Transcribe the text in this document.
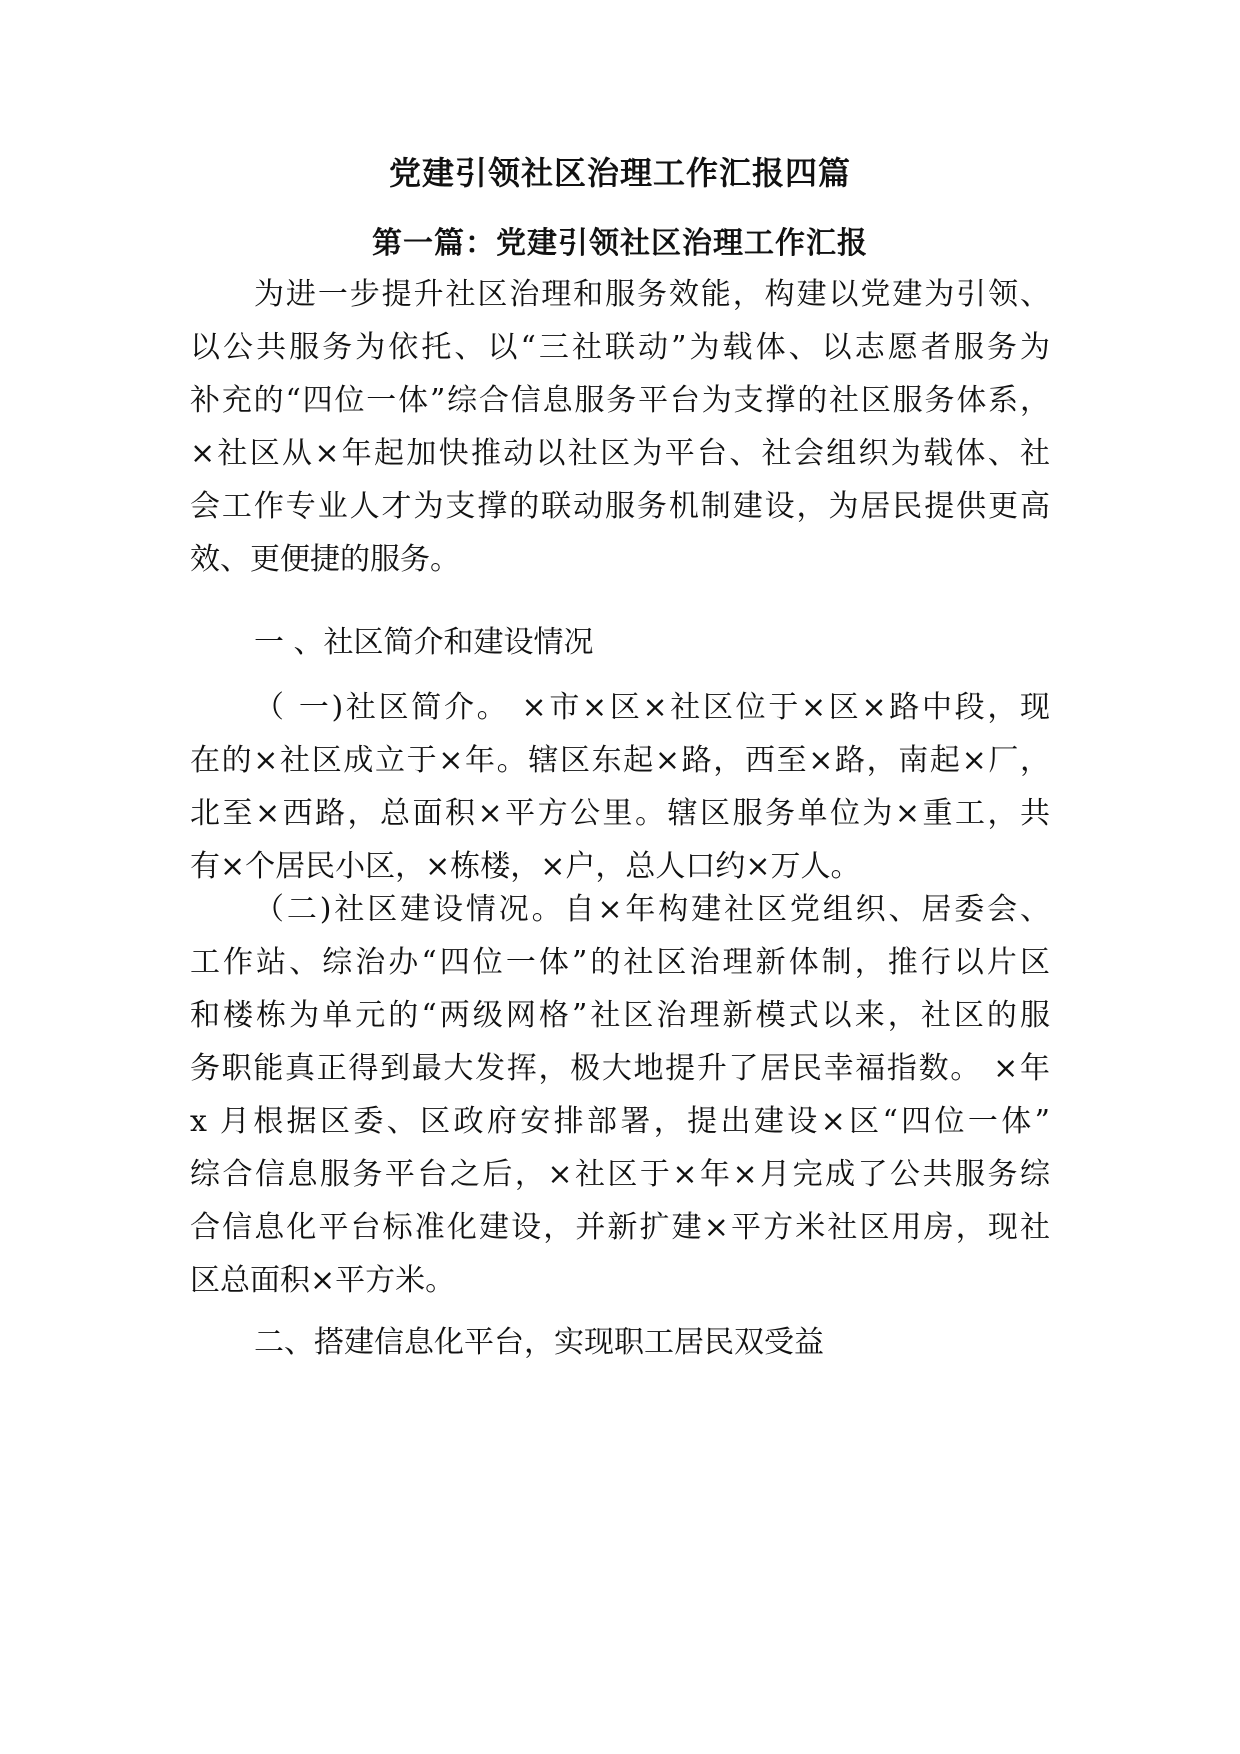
党建引领社区治理工作汇报四篇
第一篇：党建引领社区治理工作汇报

为进一步提升社区治理和服务效能，构建以党建为引领、
以公共服务为依托、以“三社联动”为载体、以志愿者服务为
补充的“四位一体”综合信息服务平台为支撑的社区服务体系，
×社区从×年起加快推动以社区为平台、社会组织为载体、社
会工作专业人才为支撑的联动服务机制建设，为居民提供更高
效、更便捷的服务。

一 、社区简介和建设情况

（ 一)社区简介。 ×市×区×社区位于×区×路中段，现
在的×社区成立于×年。辖区东起×路，西至×路，南起×厂，
北至×西路，总面积×平方公里。辖区服务单位为×重工，共
有×个居民小区，×栋楼，×户，总人口约×万人。

（二)社区建设情况。自×年构建社区党组织、居委会、
工作站、综治办“四位一体”的社区治理新体制，推行以片区
和楼栋为单元的“两级网格”社区治理新模式以来，社区的服
务职能真正得到最大发挥，极大地提升了居民幸福指数。 ×年
x 月根据区委、区政府安排部署，提出建设×区“四位一体”
综合信息服务平台之后，×社区于×年×月完成了公共服务综
合信息化平台标准化建设，并新扩建×平方米社区用房，现社
区总面积×平方米。

二、搭建信息化平台，实现职工居民双受益
